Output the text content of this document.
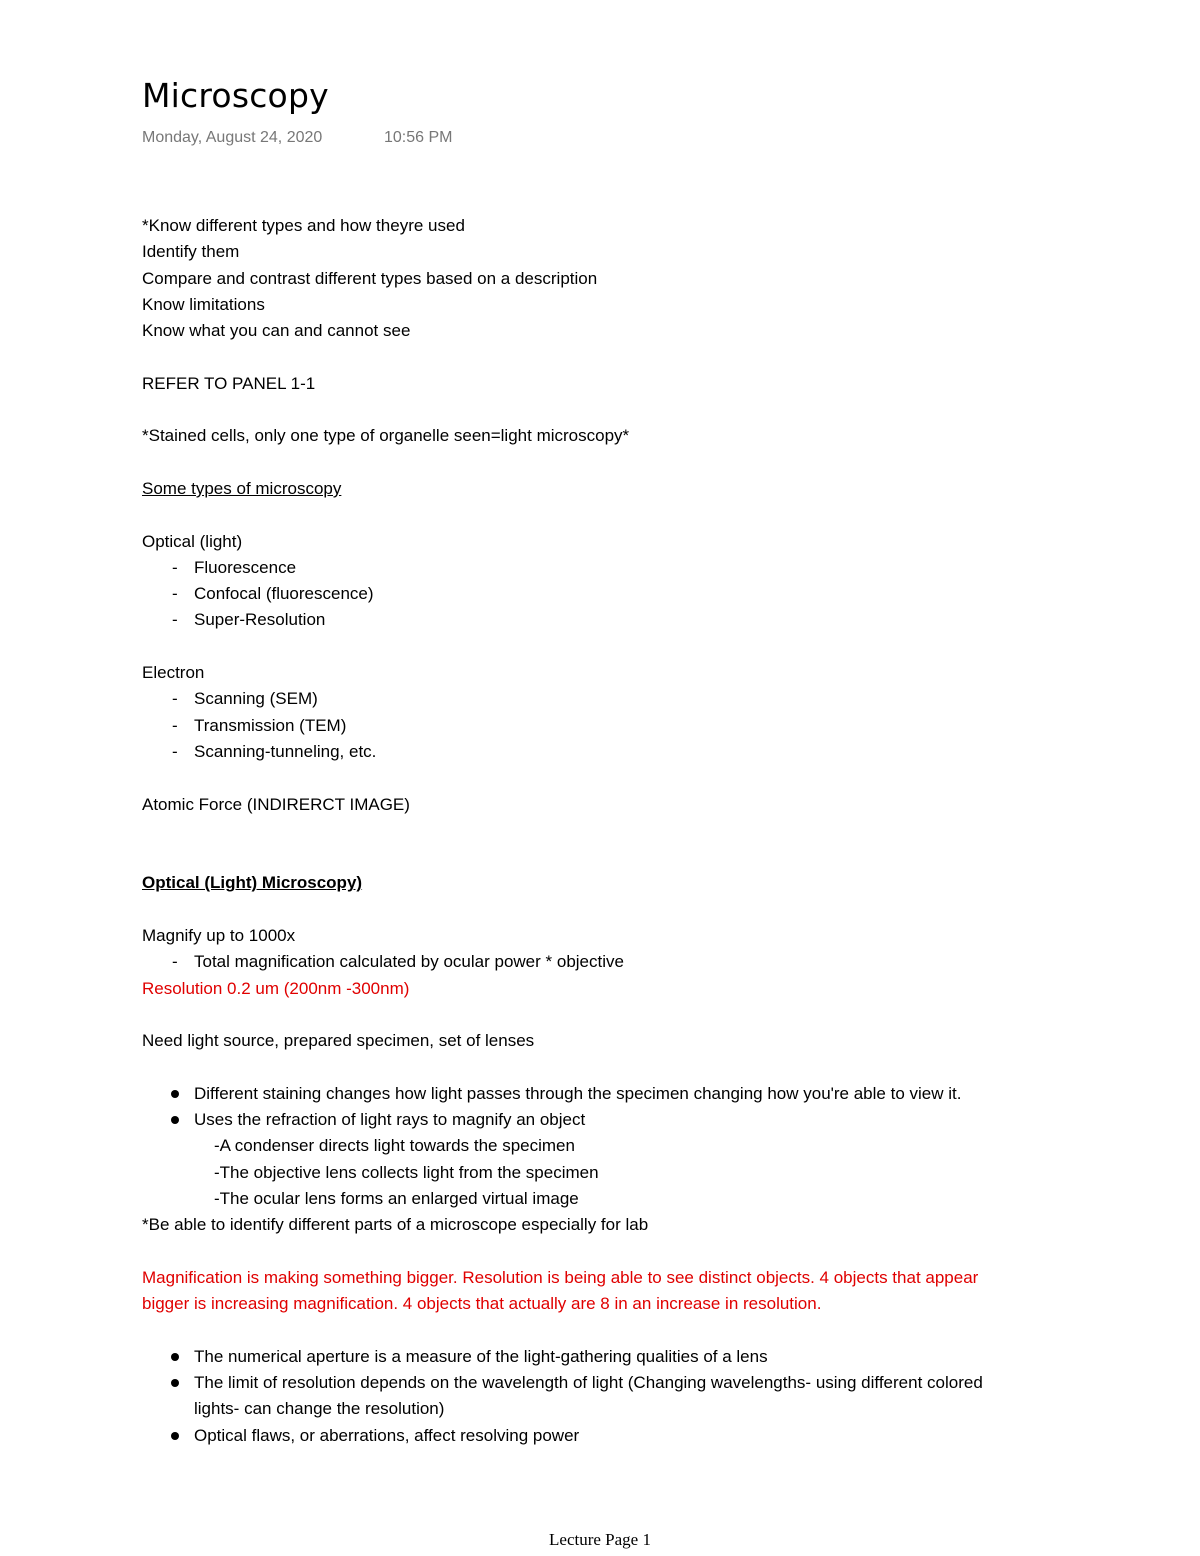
Microscopy
Monday, August 24, 2020	10:56 PM
*Know different types and how theyre used
Identify them
Compare and contrast different types based on a description
Know limitations
Know what you can and cannot see
REFER TO PANEL 1-1
*Stained cells, only one type of organelle seen=light microscopy*
Some types of microscopy
Optical (light)
- Fluorescence
- Confocal (fluorescence)
- Super-Resolution
Electron
- Scanning (SEM)
- Transmission (TEM)
- Scanning-tunneling, etc.
Atomic Force (INDIRERCT IMAGE)
Optical (Light) Microscopy)
Magnify up to 1000x
- Total magnification calculated by ocular power * objective
Resolution 0.2 um (200nm -300nm)
Need light source, prepared specimen, set of lenses
Different staining changes how light passes through the specimen changing how you're able to view it.
Uses the refraction of light rays to magnify an object
-A condenser directs light towards the specimen
-The objective lens collects light from the specimen
-The ocular lens forms an enlarged virtual image
*Be able to identify different parts of a microscope especially for lab
Magnification is making something bigger. Resolution is being able to see distinct objects. 4 objects that appear
bigger is increasing magnification. 4 objects that actually are 8 in an increase in resolution.
The numerical aperture is a measure of the light-gathering qualities of a lens
The limit of resolution depends on the wavelength of light (Changing wavelengths- using different colored
lights- can change the resolution)
Optical flaws, or aberrations, affect resolving power
Lecture Page 1
